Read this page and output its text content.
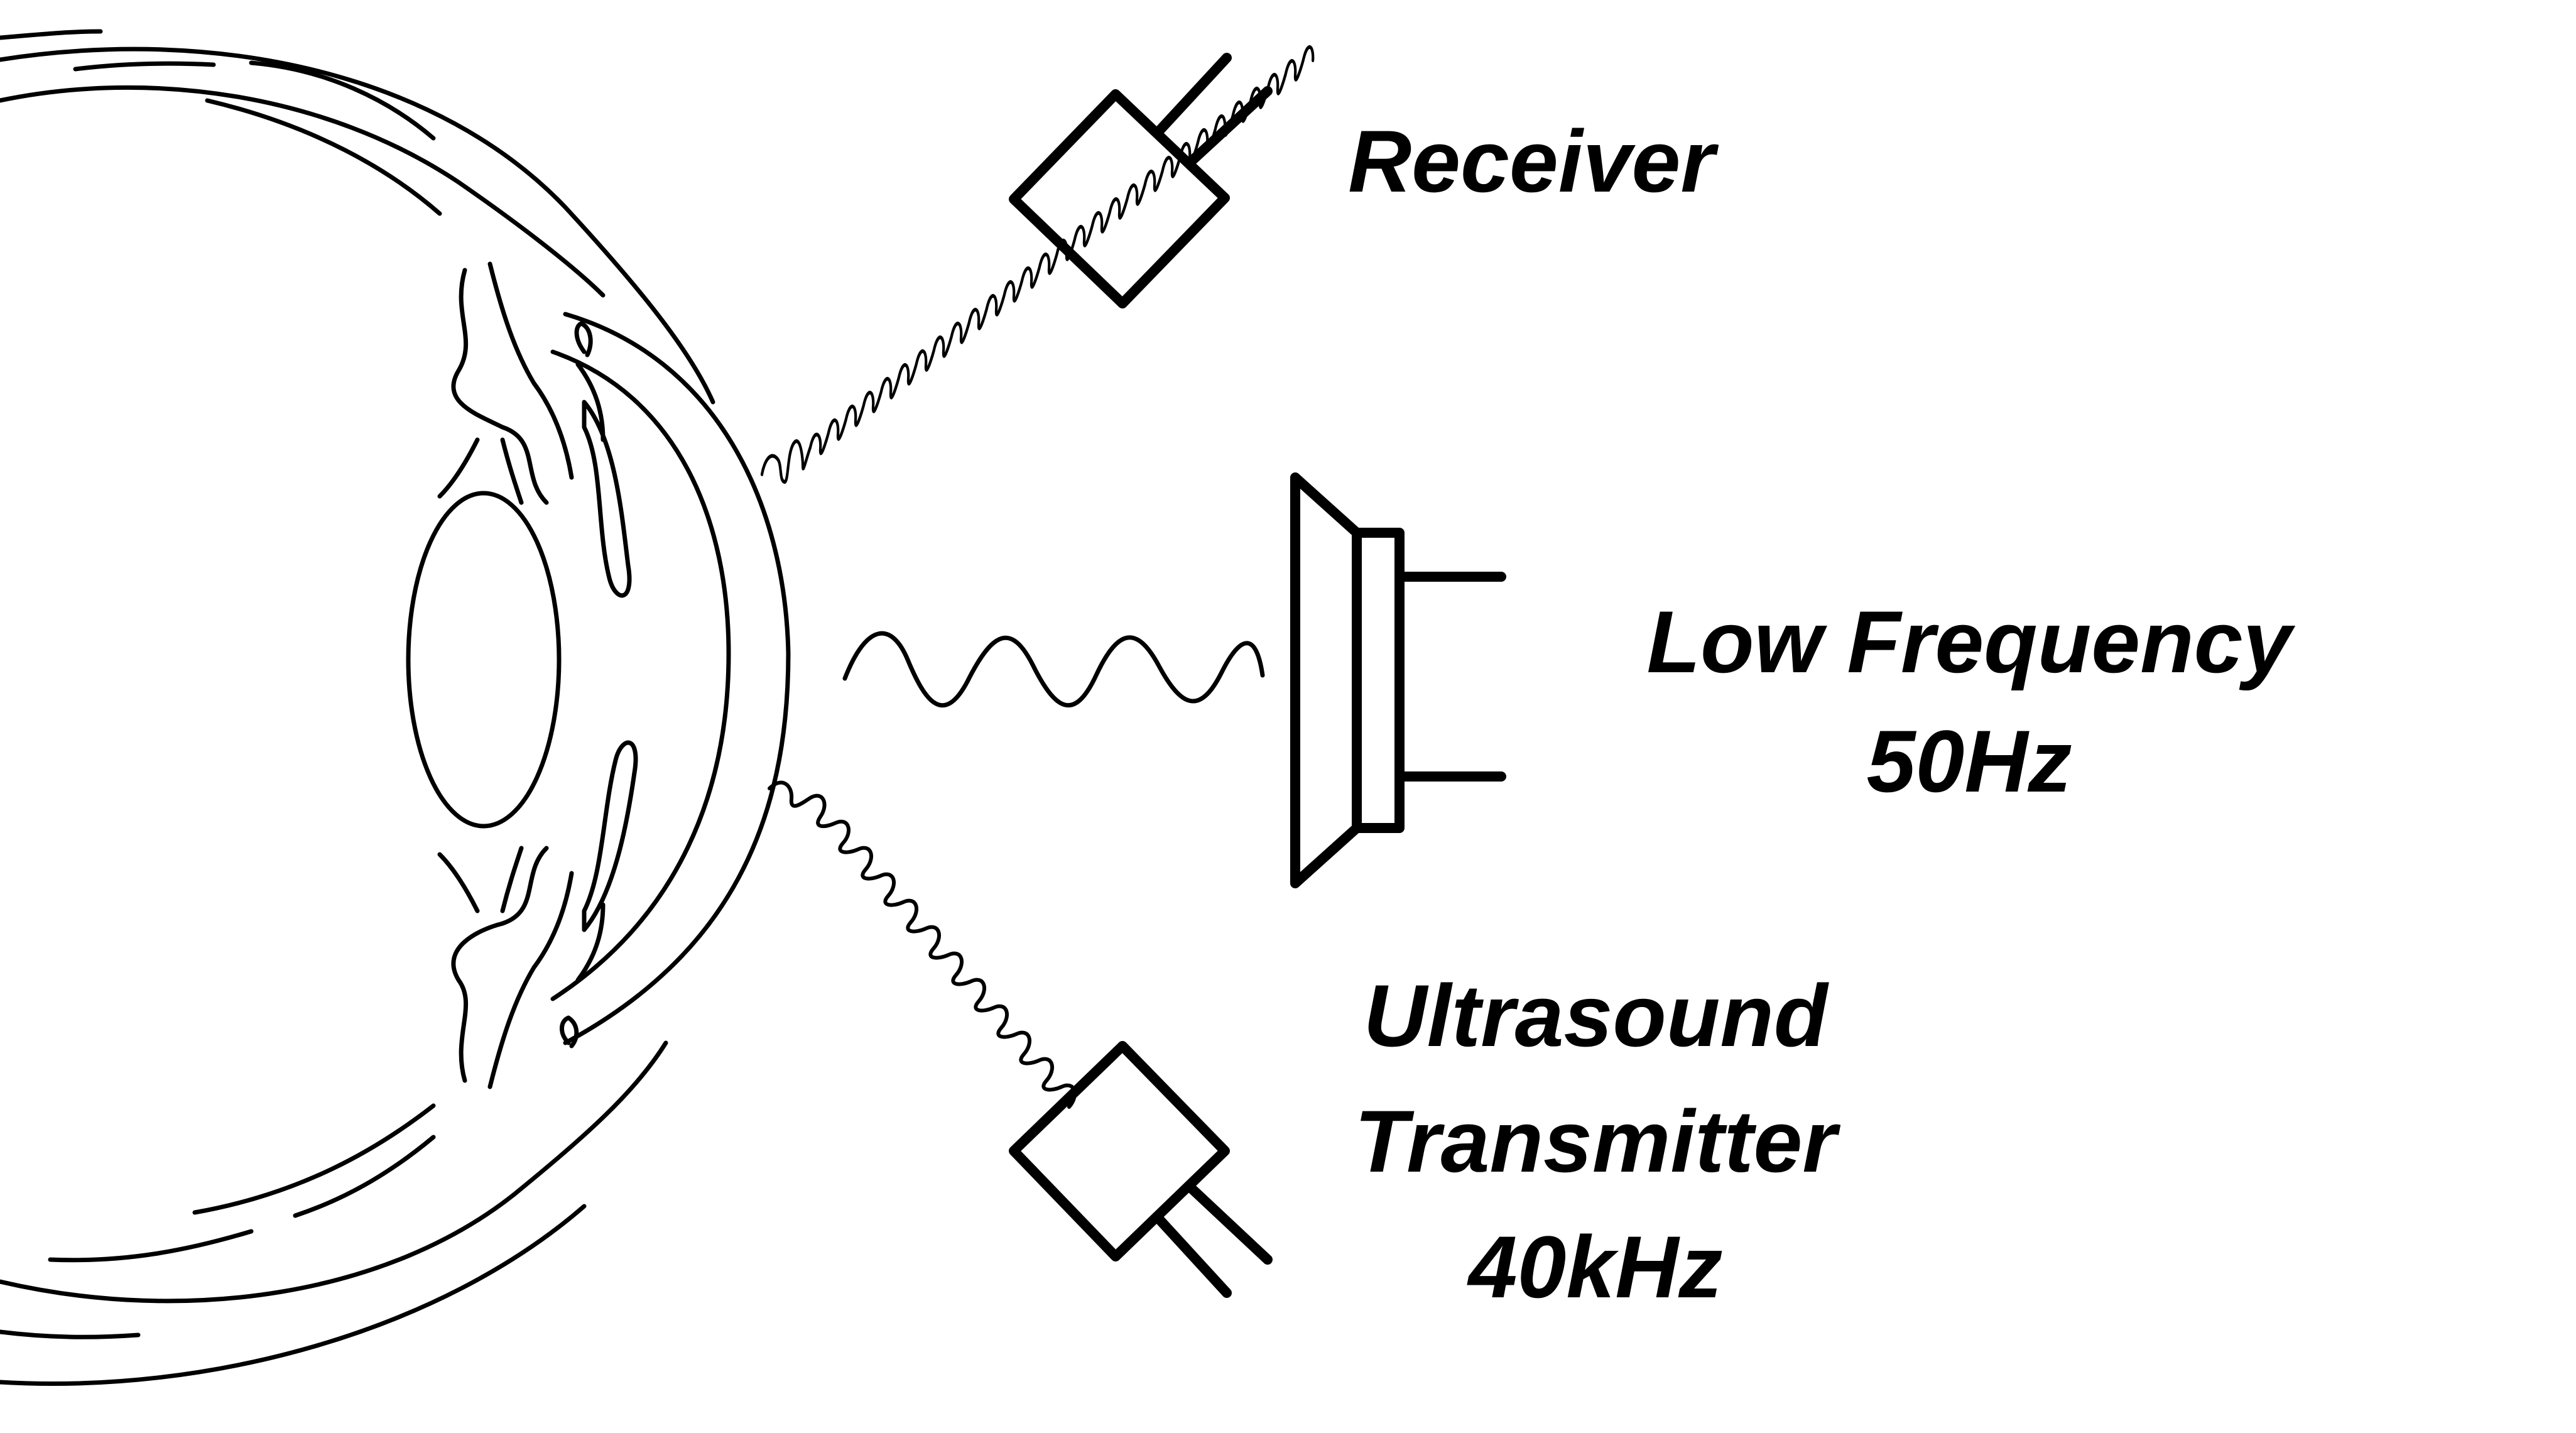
Receiver
Low Frequency
50Hz
Ultrasound
Transmitter
40kHz
